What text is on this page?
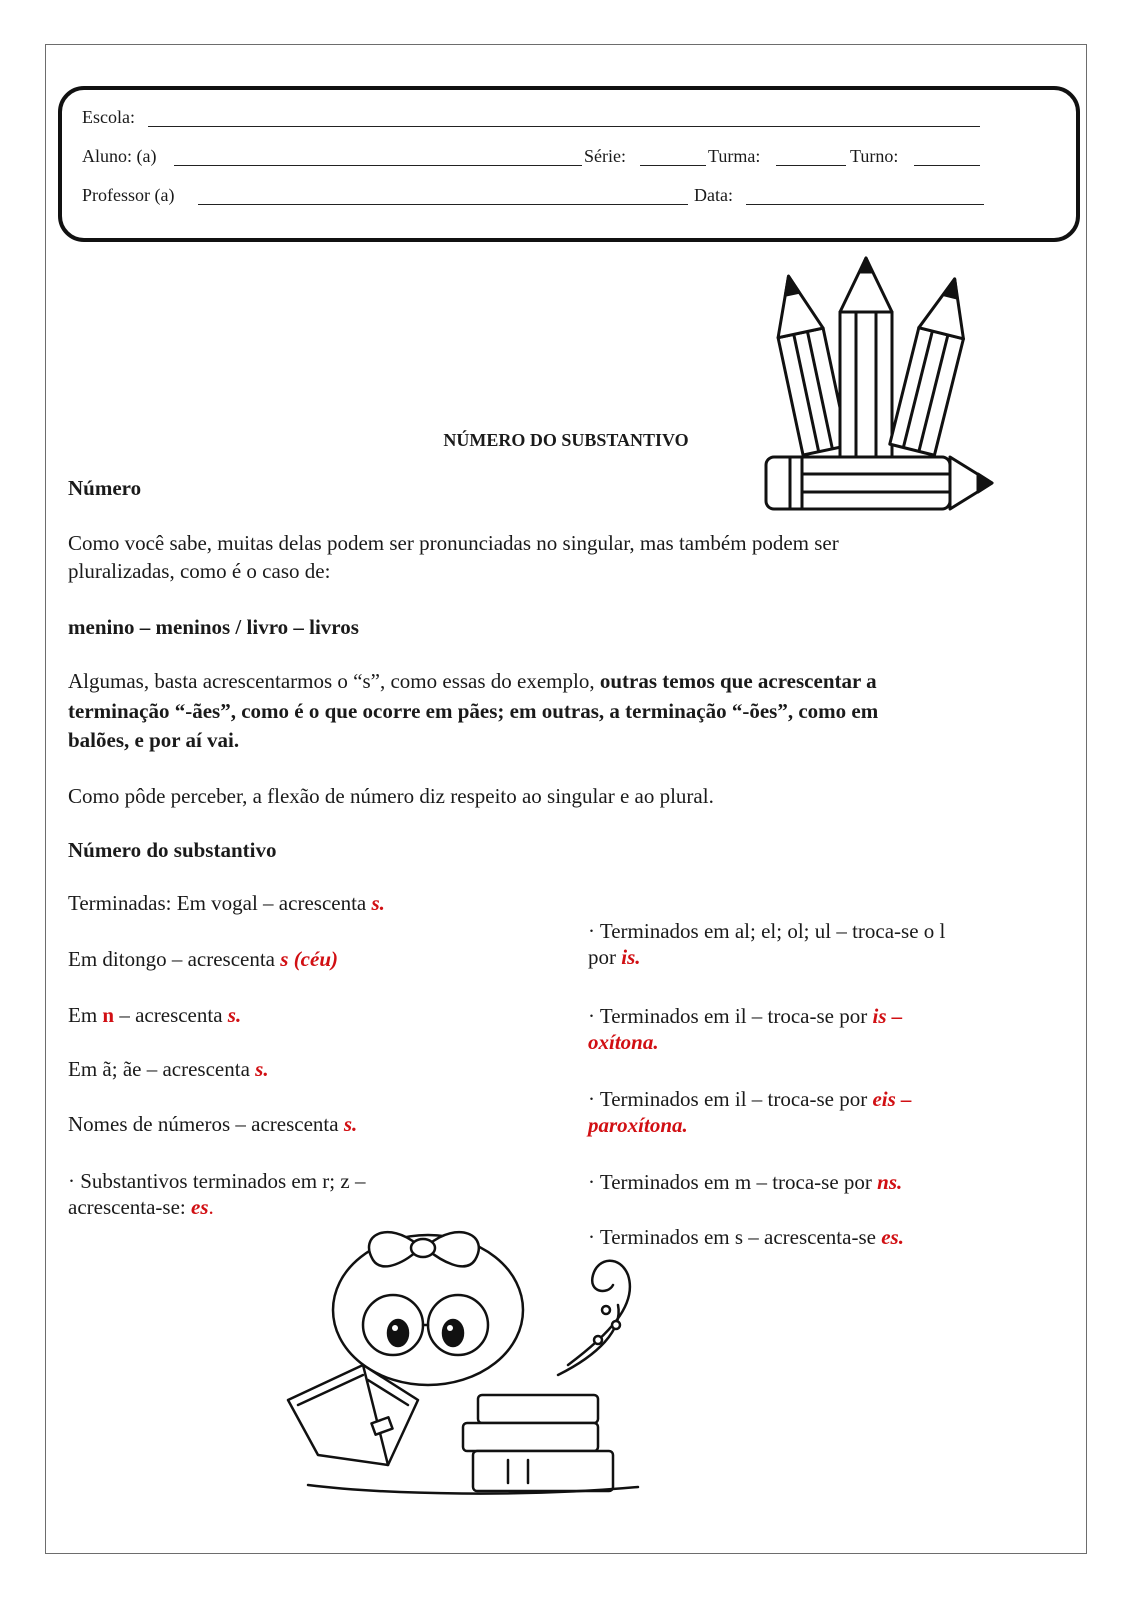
Escola:
Aluno: (a)	Série:	Turma:	Turno:
Professor (a)	Data:
NÚMERO DO SUBSTANTIVO
Número
Como você sabe, muitas delas podem ser pronunciadas no singular, mas também podem ser
pluralizadas, como é o caso de:
menino – meninos / livro – livros
Algumas, basta acrescentarmos o “s”, como essas do exemplo, outras temos que acrescentar a
terminação “-ães”, como é o que ocorre em pães; em outras, a terminação “-ões”, como em
balões, e por aí vai.
Como pôde perceber, a flexão de número diz respeito ao singular e ao plural.
Número do substantivo
Terminadas: Em vogal – acrescenta s.
Em ditongo – acrescenta s (céu)
Em n – acrescenta s.
Em ã; ãe – acrescenta s.
Nomes de números – acrescenta s.
· Substantivos terminados em r; z –
acrescenta-se: es.
· Terminados em al; el; ol; ul – troca-se o l
por is.
· Terminados em il – troca-se por is –
oxítona.
· Terminados em il – troca-se por eis –
paroxítona.
· Terminados em m – troca-se por ns.
· Terminados em s – acrescenta-se es.
